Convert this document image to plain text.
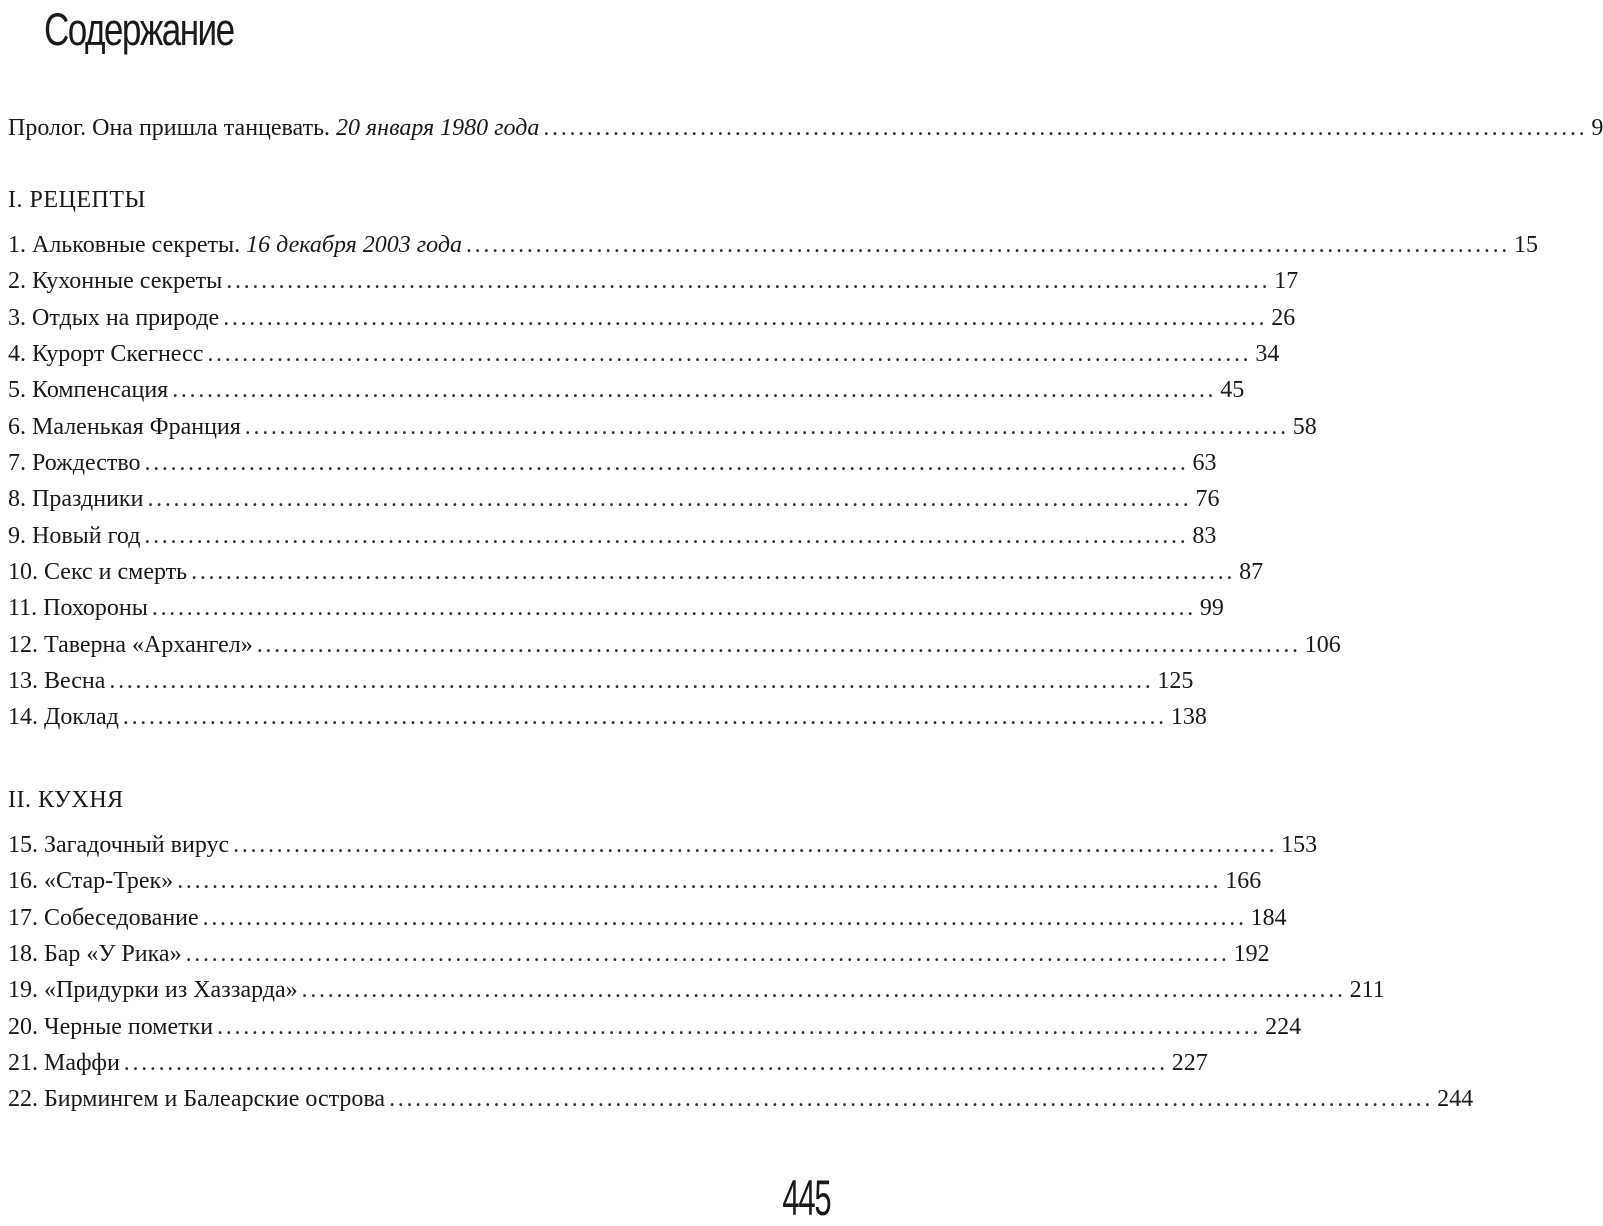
Содержание
Пролог. Она пришла танцевать. 20 января 1980 года ........................................................................................................................ 9
I. РЕЦЕПТЫ
1. Альковные секреты. 16 декабря 2003 года ........................................................................................................................ 15
2. Кухонные секреты ........................................................................................................................ 17
3. Отдых на природе ........................................................................................................................ 26
4. Курорт Скегнесс ........................................................................................................................ 34
5. Компенсация ........................................................................................................................ 45
6. Маленькая Франция ........................................................................................................................ 58
7. Рождество ........................................................................................................................ 63
8. Праздники ........................................................................................................................ 76
9. Новый год ........................................................................................................................ 83
10. Секс и смерть ........................................................................................................................ 87
11. Похороны ........................................................................................................................ 99
12. Таверна «Архангел» ........................................................................................................................ 106
13. Весна ........................................................................................................................ 125
14. Доклад ........................................................................................................................ 138
II. КУХНЯ
15. Загадочный вирус ........................................................................................................................ 153
16. «Стар-Трек» ........................................................................................................................ 166
17. Собеседование ........................................................................................................................ 184
18. Бар «У Рика» ........................................................................................................................ 192
19. «Придурки из Хаззарда» ........................................................................................................................ 211
20. Черные пометки ........................................................................................................................ 224
21. Маффи ........................................................................................................................ 227
22. Бирмингем и Балеарские острова ........................................................................................................................ 244
445
